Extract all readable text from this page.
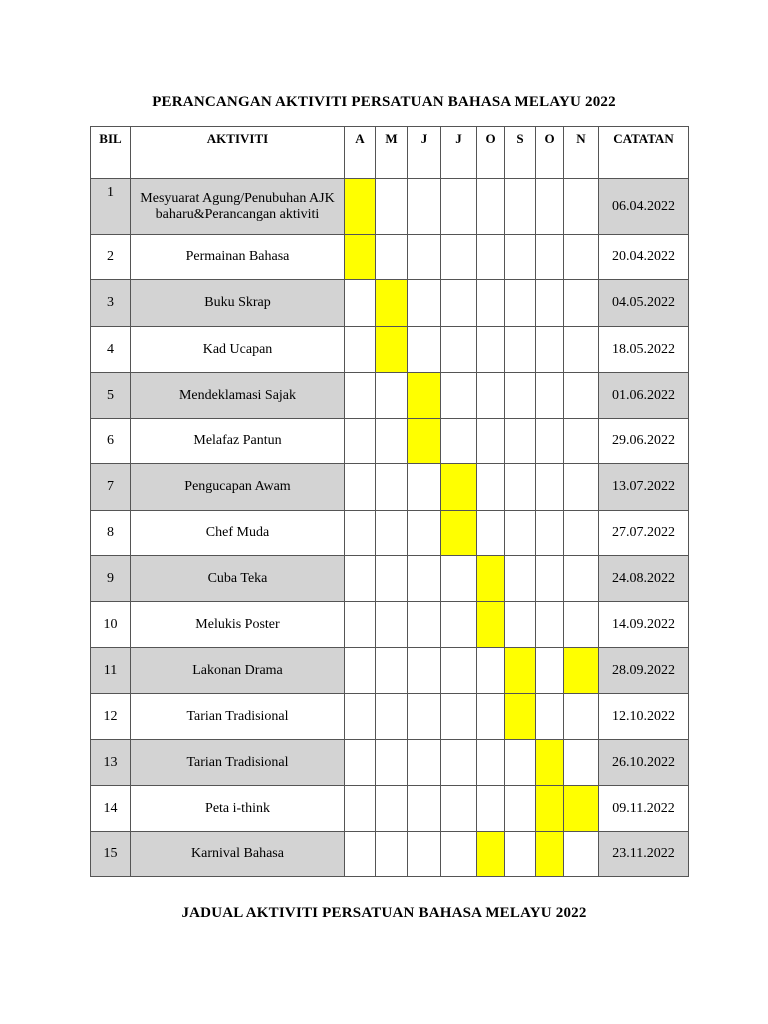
PERANCANGAN AKTIVITI PERSATUAN BAHASA MELAYU 2022
BIL	AKTIVITI	A	M	J	J	O	S	O	N	CATATAN
1	Mesyuarat Agung/Penubuhan AJK baharu&Perancangan aktiviti									06.04.2022
2	Permainan Bahasa									20.04.2022
3	Buku Skrap									04.05.2022
4	Kad Ucapan									18.05.2022
5	Mendeklamasi Sajak									01.06.2022
6	Melafaz Pantun									29.06.2022
7	Pengucapan Awam									13.07.2022
8	Chef Muda									27.07.2022
9	Cuba Teka									24.08.2022
10	Melukis Poster									14.09.2022
11	Lakonan Drama									28.09.2022
12	Tarian Tradisional									12.10.2022
13	Tarian Tradisional									26.10.2022
14	Peta i-think									09.11.2022
15	Karnival Bahasa									23.11.2022
JADUAL AKTIVITI PERSATUAN BAHASA MELAYU 2022
